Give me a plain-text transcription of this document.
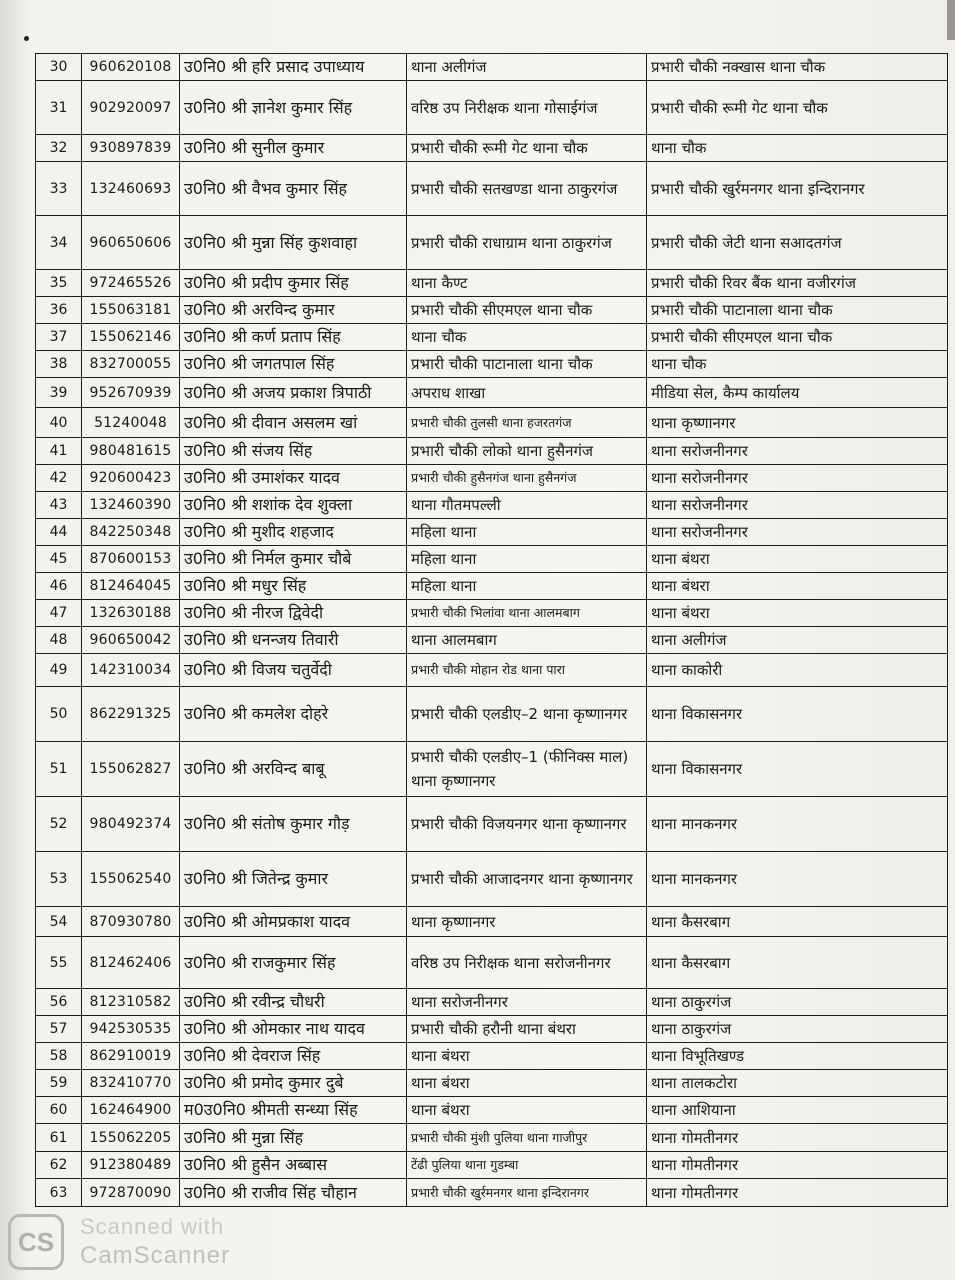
30	960620108	उ0नि0 श्री हरि प्रसाद उपाध्याय	थाना अलीगंज	प्रभारी चौकी नक्खास थाना चौक
31	902920097	उ0नि0 श्री ज्ञानेश कुमार सिंह	वरिष्ठ उप निरीक्षक थाना गोसाईगंज	प्रभारी चौकी रूमी गेट थाना चौक
32	930897839	उ0नि0 श्री सुनील कुमार	प्रभारी चौकी रूमी गेट थाना चौक	थाना चौक
33	132460693	उ0नि0 श्री वैभव कुमार सिंह	प्रभारी चौकी सतखण्डा थाना ठाकुरगंज	प्रभारी चौकी खुर्रमनगर थाना इन्दिरानगर
34	960650606	उ0नि0 श्री मुन्ना सिंह कुशवाहा	प्रभारी चौकी राधाग्राम थाना ठाकुरगंज	प्रभारी चौकी जेटी थाना सआदतगंज
35	972465526	उ0नि0 श्री प्रदीप कुमार सिंह	थाना कैण्ट	प्रभारी चौकी रिवर बैंक थाना वजीरगंज
36	155063181	उ0नि0 श्री अरविन्द कुमार	प्रभारी चौकी सीएमएल थाना चौक	प्रभारी चौकी पाटानाला थाना चौक
37	155062146	उ0नि0 श्री कर्ण प्रताप सिंह	थाना चौक	प्रभारी चौकी सीएमएल थाना चौक
38	832700055	उ0नि0 श्री जगतपाल सिंह	प्रभारी चौकी पाटानाला थाना चौक	थाना चौक
39	952670939	उ0नि0 श्री अजय प्रकाश त्रिपाठी	अपराध शाखा	मीडिया सेल, कैम्प कार्यालय
40	51240048	उ0नि0 श्री दीवान असलम खां	प्रभारी चौकी तुलसी थाना हजरतगंज	थाना कृष्णानगर
41	980481615	उ0नि0 श्री संजय सिंह	प्रभारी चौकी लोको थाना हुसैनगंज	थाना सरोजनीनगर
42	920600423	उ0नि0 श्री उमाशंकर यादव	प्रभारी चौकी हुसैनगंज थाना हुसैनगंज	थाना सरोजनीनगर
43	132460390	उ0नि0 श्री शशांक देव शुक्ला	थाना गौतमपल्ली	थाना सरोजनीनगर
44	842250348	उ0नि0 श्री मुशीद शहजाद	महिला थाना	थाना सरोजनीनगर
45	870600153	उ0नि0 श्री निर्मल कुमार चौबे	महिला थाना	थाना बंथरा
46	812464045	उ0नि0 श्री मधुर सिंह	महिला थाना	थाना बंथरा
47	132630188	उ0नि0 श्री नीरज द्विवेदी	प्रभारी चौकी भिलांवा थाना आलमबाग	थाना बंथरा
48	960650042	उ0नि0 श्री धनन्जय तिवारी	थाना आलमबाग	थाना अलीगंज
49	142310034	उ0नि0 श्री विजय चतुर्वेदी	प्रभारी चौकी मोहान रोड थाना पारा	थाना काकोरी
50	862291325	उ0नि0 श्री कमलेश दोहरे	प्रभारी चौकी एलडीए–2 थाना कृष्णानगर	थाना विकासनगर
51	155062827	उ0नि0 श्री अरविन्द बाबू	प्रभारी चौकी एलडीए–1 (फीनिक्स माल) थाना कृष्णानगर	थाना विकासनगर
52	980492374	उ0नि0 श्री संतोष कुमार गौड़	प्रभारी चौकी विजयनगर थाना कृष्णानगर	थाना मानकनगर
53	155062540	उ0नि0 श्री जितेन्द्र कुमार	प्रभारी चौकी आजादनगर थाना कृष्णानगर	थाना मानकनगर
54	870930780	उ0नि0 श्री ओमप्रकाश यादव	थाना कृष्णानगर	थाना कैसरबाग
55	812462406	उ0नि0 श्री राजकुमार सिंह	वरिष्ठ उप निरीक्षक थाना सरोजनीनगर	थाना कैसरबाग
56	812310582	उ0नि0 श्री रवीन्द्र चौधरी	थाना सरोजनीनगर	थाना ठाकुरगंज
57	942530535	उ0नि0 श्री ओमकार नाथ यादव	प्रभारी चौकी हरौनी थाना बंथरा	थाना ठाकुरगंज
58	862910019	उ0नि0 श्री देवराज सिंह	थाना बंथरा	थाना विभूतिखण्ड
59	832410770	उ0नि0 श्री प्रमोद कुमार दुबे	थाना बंथरा	थाना तालकटोरा
60	162464900	म0उ0नि0 श्रीमती सन्ध्या सिंह	थाना बंथरा	थाना आशियाना
61	155062205	उ0नि0 श्री मुन्ना सिंह	प्रभारी चौकी मुंशी पुलिया थाना गाजीपुर	थाना गोमतीनगर
62	912380489	उ0नि0 श्री हुसैन अब्बास	टेंढी पुलिया थाना गुडम्बा	थाना गोमतीनगर
63	972870090	उ0नि0 श्री राजीव सिंह चौहान	प्रभारी चौकी खुर्रमनगर थाना इन्दिरानगर	थाना गोमतीनगर
CS
Scanned with
CamScanner
